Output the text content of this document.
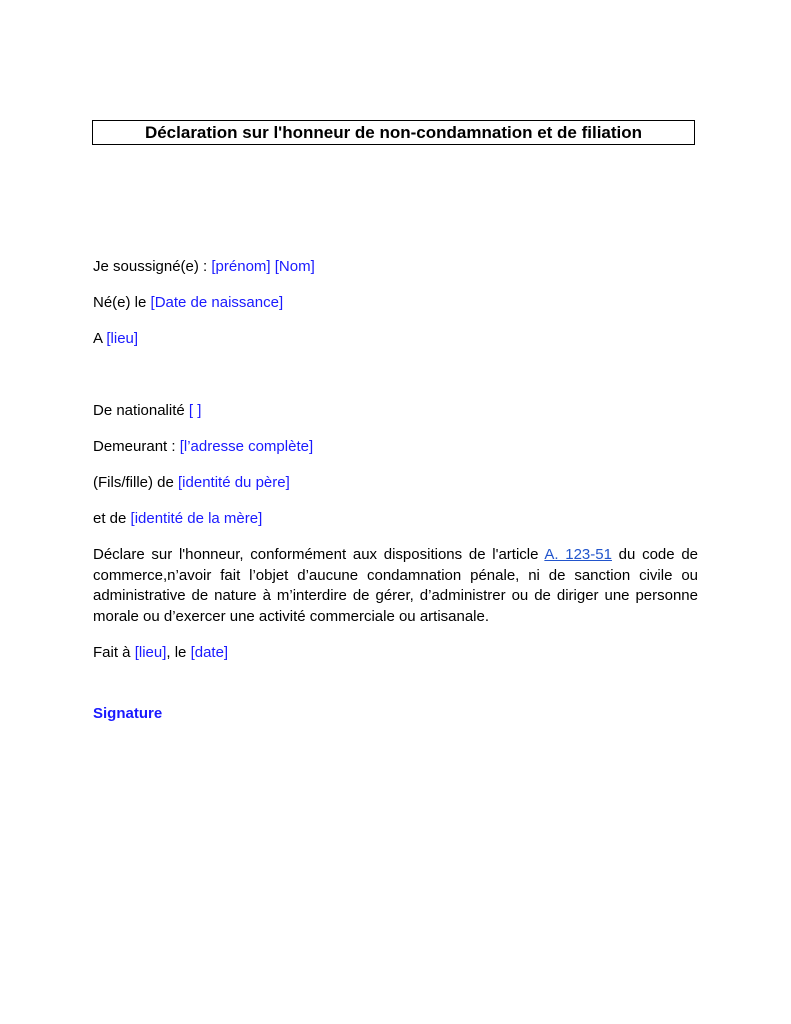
Déclaration sur l'honneur de non-condamnation et de filiation
Je soussigné(e) : [prénom] [Nom]
Né(e) le [Date de naissance]
A [lieu]
De nationalité [ ]
Demeurant : [l’adresse complète]
(Fils/fille) de [identité du père]
et de [identité de la mère]
Déclare sur l'honneur, conformément aux dispositions de l'article A. 123-51 du code de commerce,n’avoir fait l’objet d’aucune condamnation pénale, ni de sanction civile ou administrative de nature à m’interdire de gérer, d’administrer ou de diriger une personne morale ou d’exercer une activité commerciale ou artisanale.
Fait à [lieu], le [date]
Signature
